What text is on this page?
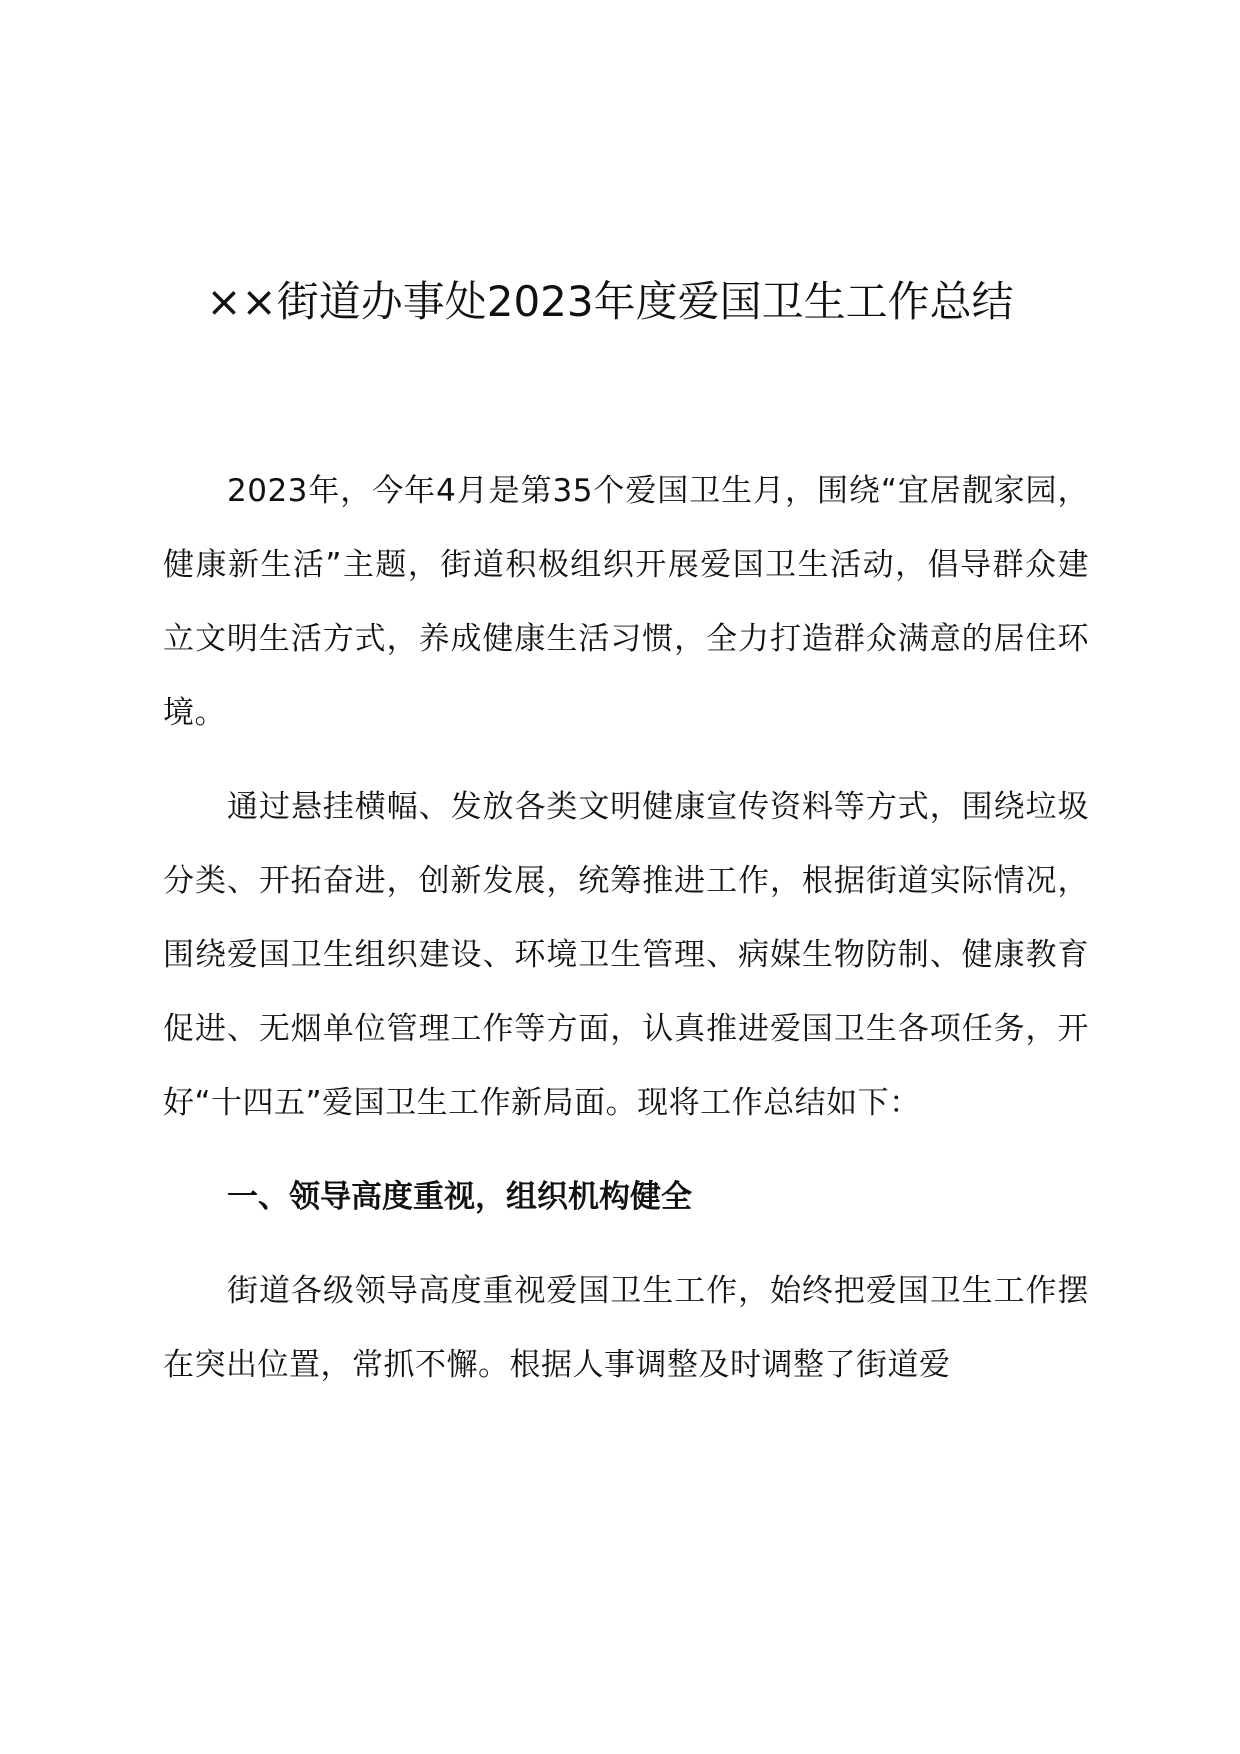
××街道办事处2023年度爱国卫生工作总结

2023年，今年4月是第35个爱国卫生月，围绕“宜居靓家园，健康新生活”主题，街道积极组织开展爱国卫生活动，倡导群众建立文明生活方式，养成健康生活习惯，全力打造群众满意的居住环境。

通过悬挂横幅、发放各类文明健康宣传资料等方式，围绕垃圾分类、开拓奋进，创新发展，统筹推进工作，根据街道实际情况，围绕爱国卫生组织建设、环境卫生管理、病媒生物防制、健康教育促进、无烟单位管理工作等方面，认真推进爱国卫生各项任务，开好“十四五”爱国卫生工作新局面。现将工作总结如下：

一、领导高度重视，组织机构健全

街道各级领导高度重视爱国卫生工作，始终把爱国卫生工作摆在突出位置，常抓不懈。根据人事调整及时调整了街道爱
